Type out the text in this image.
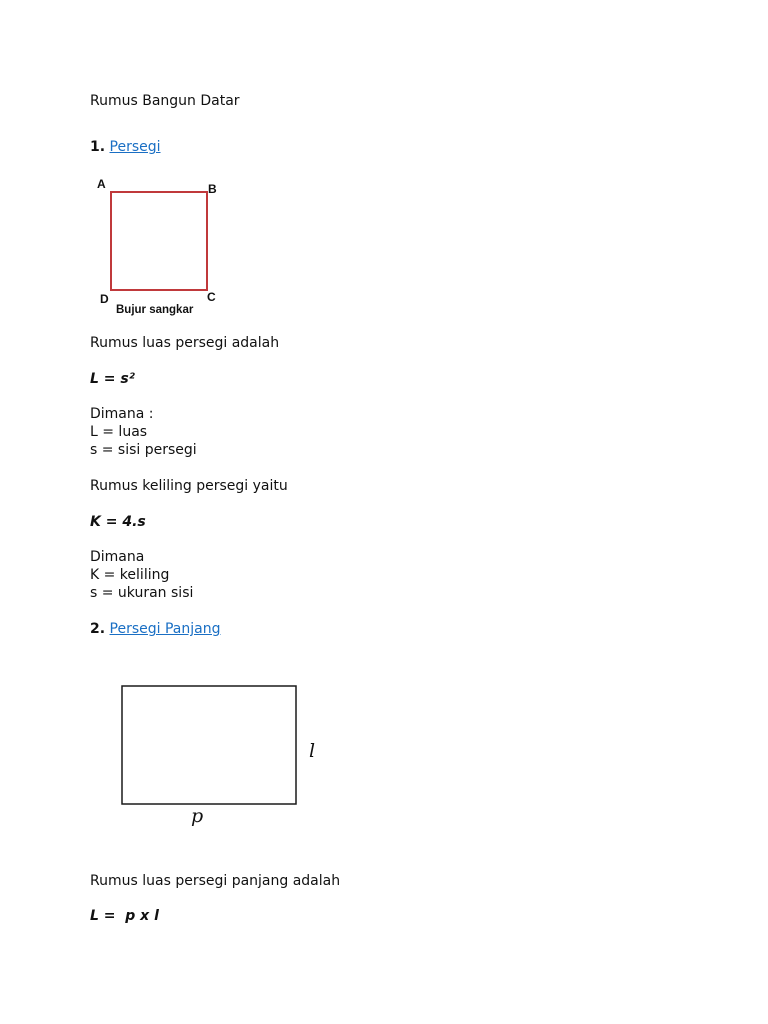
Rumus Bangun Datar
1. Persegi
A	B
C
D
Bujur sangkar
Rumus luas persegi adalah
L = s²
Dimana :
L = luas
s = sisi persegi
Rumus keliling persegi yaitu
K = 4.s
Dimana
K = keliling
s = ukuran sisi
2. Persegi Panjang
l
p
Rumus luas persegi panjang adalah
L =  p x l
